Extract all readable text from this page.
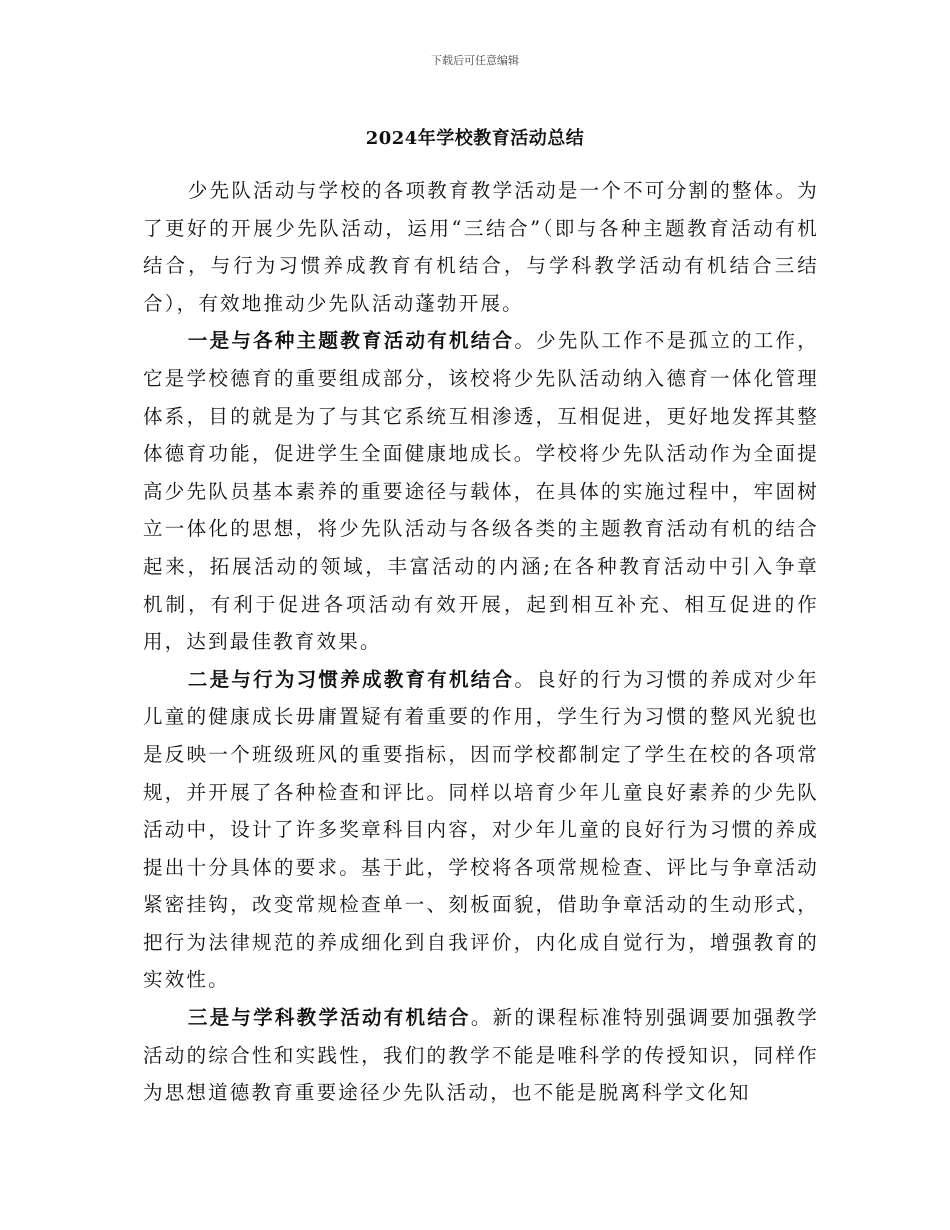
下载后可任意编辑
2024年学校教育活动总结

少先队活动与学校的各项教育教学活动是一个不可分割的整体。为了更好的开展少先队活动，运用“三结合”（即与各种主题教育活动有机结合，与行为习惯养成教育有机结合，与学科教学活动有机结合三结合），有效地推动少先队活动蓬勃开展。

一是与各种主题教育活动有机结合。少先队工作不是孤立的工作，它是学校德育的重要组成部分，该校将少先队活动纳入德育一体化管理体系，目的就是为了与其它系统互相渗透，互相促进，更好地发挥其整体德育功能，促进学生全面健康地成长。学校将少先队活动作为全面提高少先队员基本素养的重要途径与载体，在具体的实施过程中，牢固树立一体化的思想，将少先队活动与各级各类的主题教育活动有机的结合起来，拓展活动的领域，丰富活动的内涵;在各种教育活动中引入争章机制，有利于促进各项活动有效开展，起到相互补充、相互促进的作用，达到最佳教育效果。

二是与行为习惯养成教育有机结合。良好的行为习惯的养成对少年儿童的健康成长毋庸置疑有着重要的作用，学生行为习惯的整风光貌也是反映一个班级班风的重要指标，因而学校都制定了学生在校的各项常规，并开展了各种检查和评比。同样以培育少年儿童良好素养的少先队活动中，设计了许多奖章科目内容，对少年儿童的良好行为习惯的养成提出十分具体的要求。基于此，学校将各项常规检查、评比与争章活动紧密挂钩，改变常规检查单一、刻板面貌，借助争章活动的生动形式，把行为法律规范的养成细化到自我评价，内化成自觉行为，增强教育的实效性。

三是与学科教学活动有机结合。新的课程标准特别强调要加强教学活动的综合性和实践性，我们的教学不能是唯科学的传授知识，同样作为思想道德教育重要途径少先队活动，也不能是脱离科学文化知
